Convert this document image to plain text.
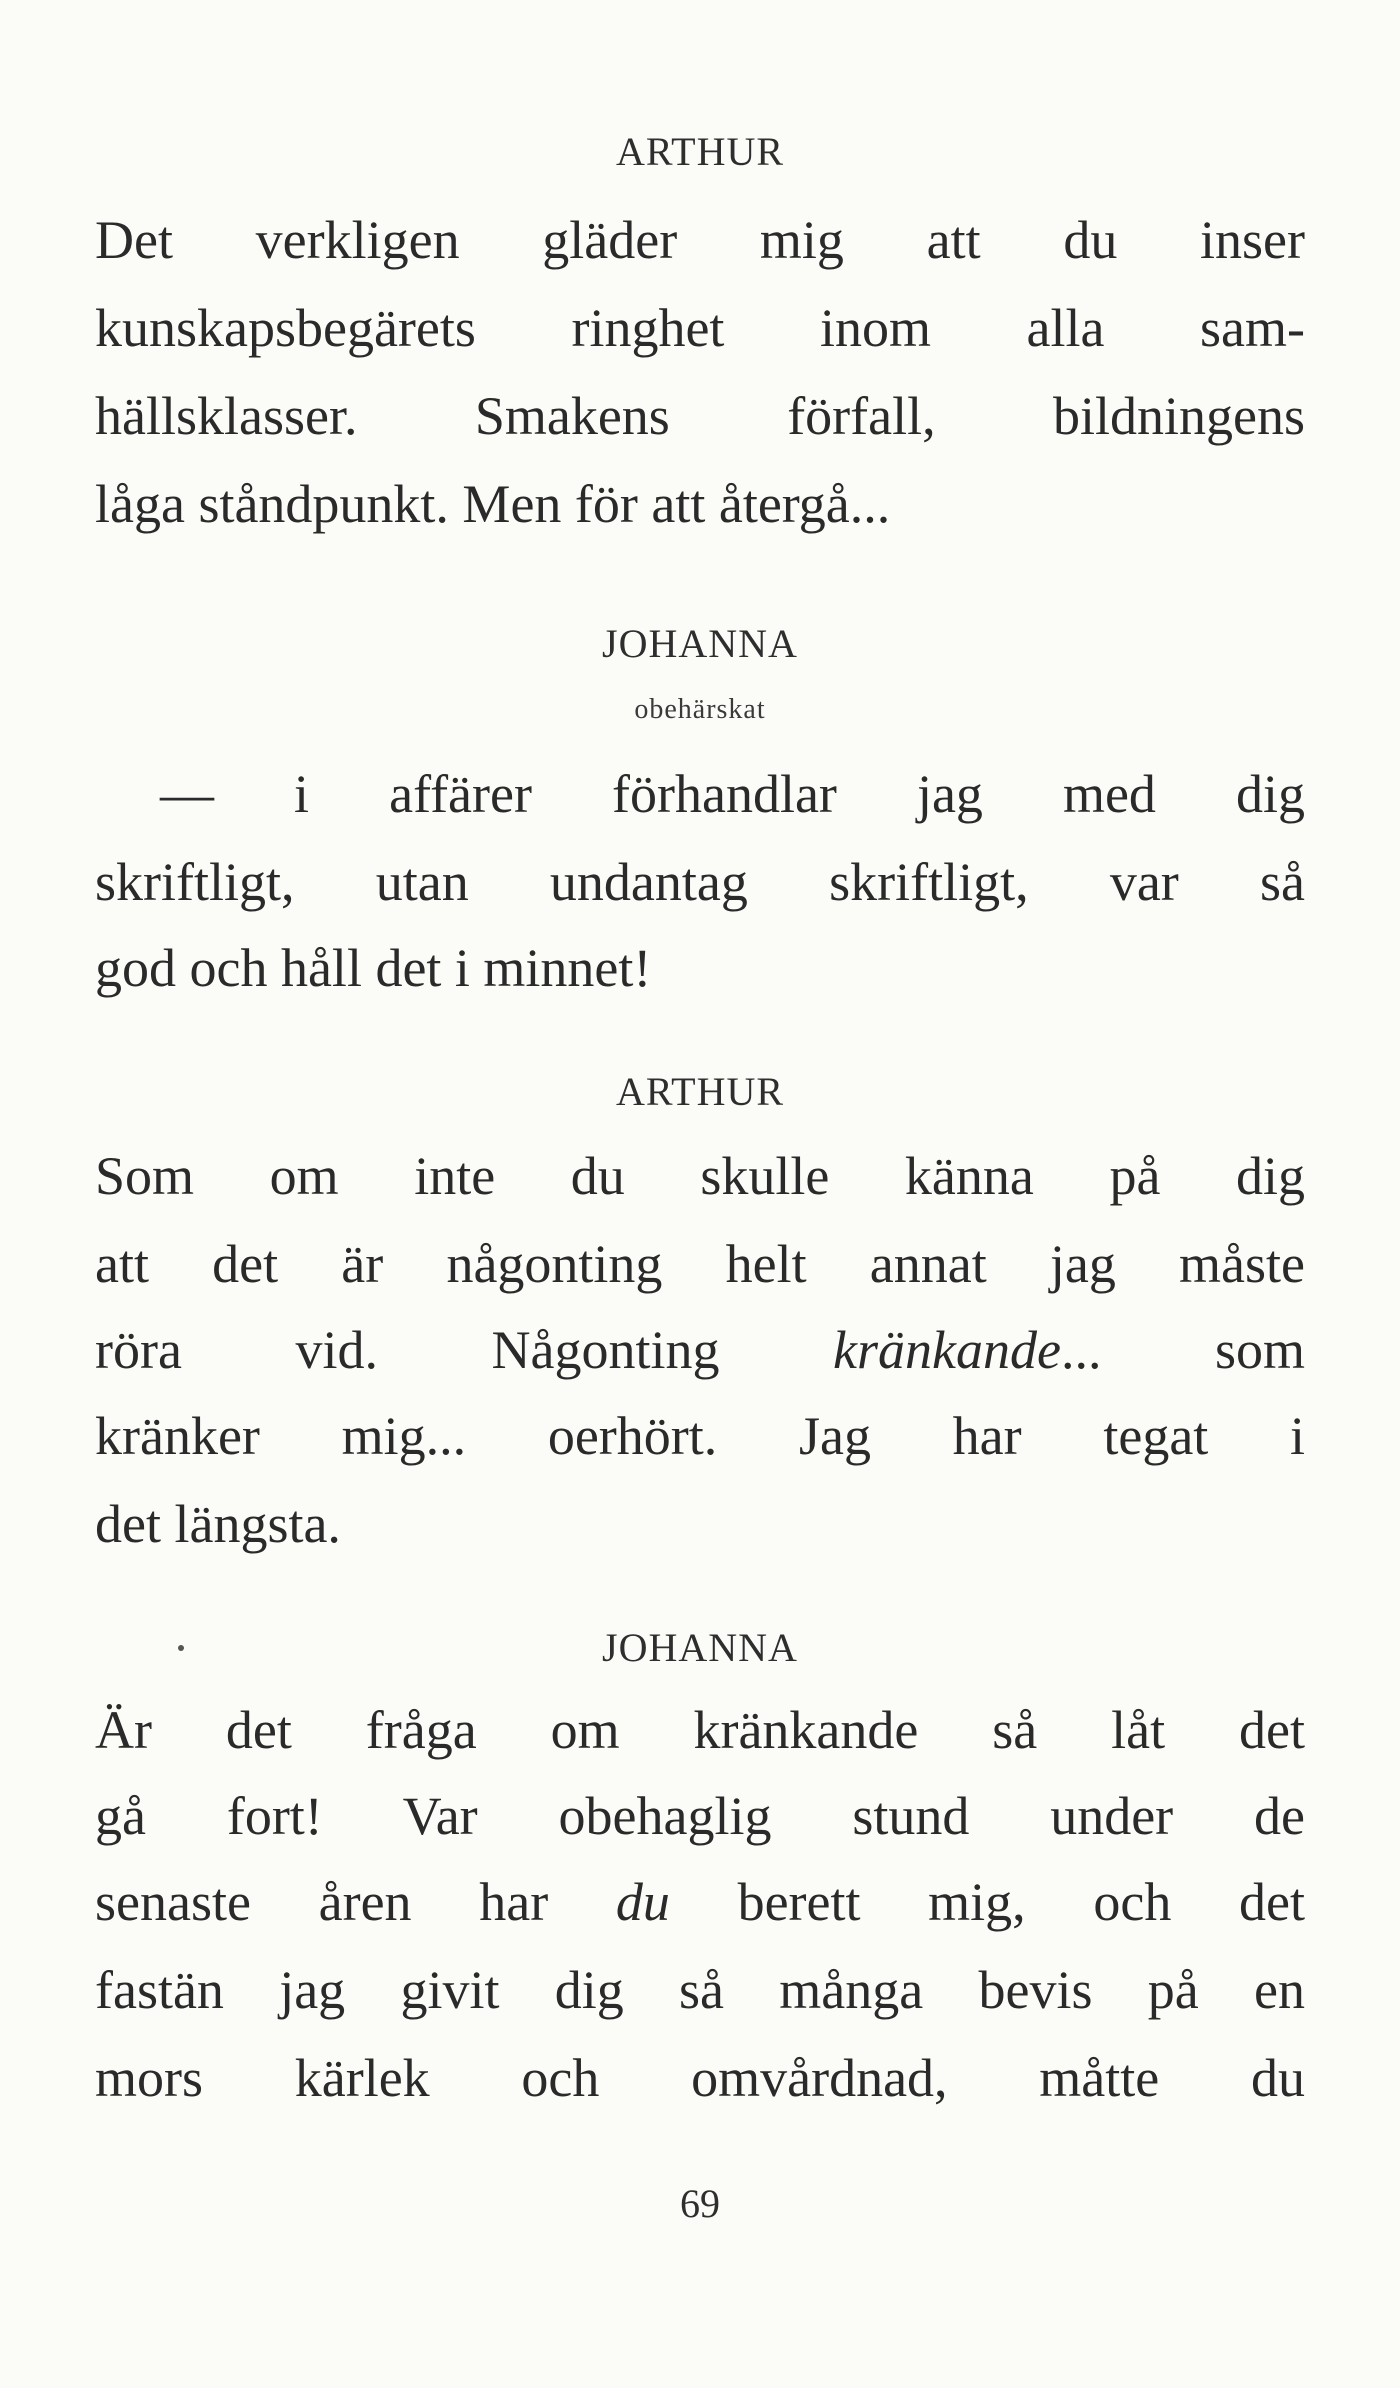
ARTHUR
Det verkligen gläder mig att du inser
kunskapsbegärets ringhet inom alla sam-
hällsklasser. Smakens förfall, bildningens
låga ståndpunkt. Men för att återgå...
JOHANNA
obehärskat
— i affärer förhandlar jag med dig
skriftligt, utan undantag skriftligt, var så
god och håll det i minnet!
ARTHUR
Som om inte du skulle känna på dig
att det är någonting helt annat jag måste
röra vid. Någonting kränkande... som
kränker mig... oerhört. Jag har tegat i
det längsta.
JOHANNA
Är det fråga om kränkande så låt det
gå fort! Var obehaglig stund under de
senaste åren har du berett mig, och det
fastän jag givit dig så många bevis på en
mors kärlek och omvårdnad, måtte du
69
